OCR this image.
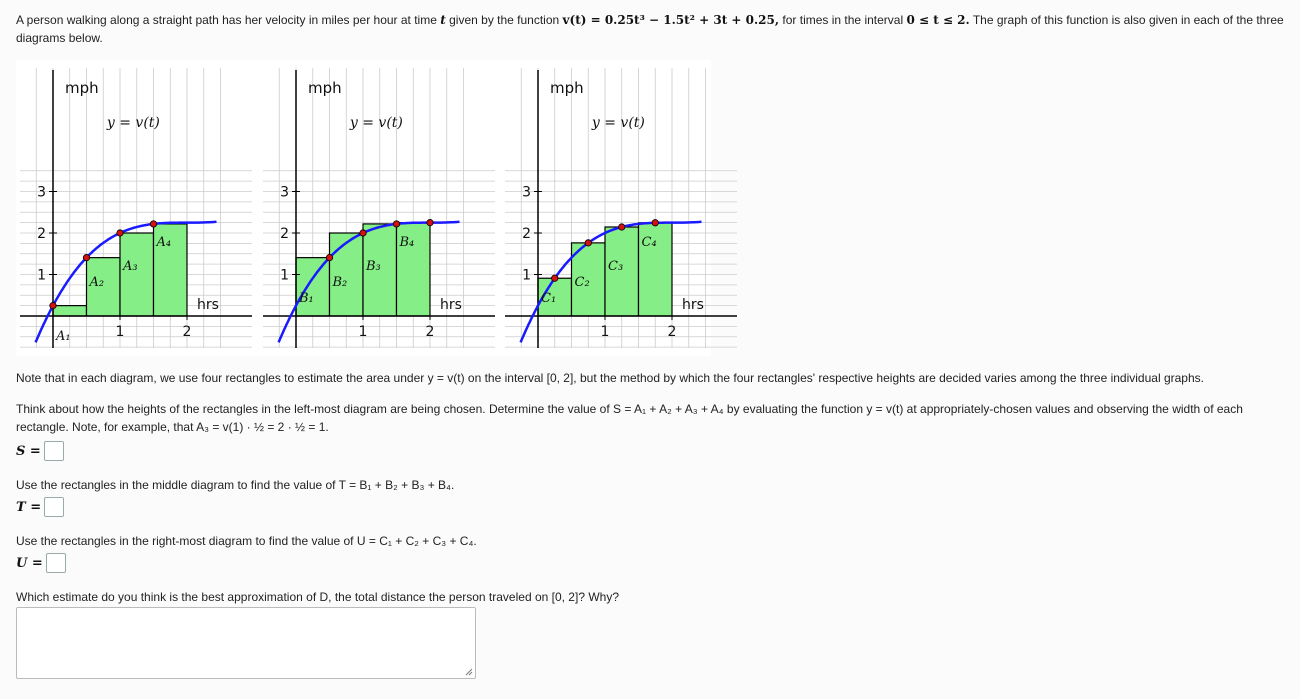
A person walking along a straight path has her velocity in miles per hour at time t given by the function v(t) = 0.25t³ − 1.5t² + 3t + 0.25, for times in the interval 0 ≤ t ≤ 2. The graph of this function is also given in each of the three diagrams below.

1
2
3
1	2
A₁
A₂
A₃
A₄
mph
hrs
y = v(t)
1
2
3
1	2
B₁
B₂
B₃
B₄
mph
hrs
y = v(t)
1
2
3
1	2
C₁
C₂
C₃
C₄
mph
hrs
y = v(t)

Note that in each diagram, we use four rectangles to estimate the area under y = v(t) on the interval [0, 2], but the method by which the four rectangles' respective heights are decided varies among the three individual graphs.

Think about how the heights of the rectangles in the left-most diagram are being chosen. Determine the value of S = A₁ + A₂ + A₃ + A₄ by evaluating the function y = v(t) at appropriately-chosen values and observing the width of each rectangle. Note, for example, that A₃ = v(1) · ½ = 2 · ½ = 1.

S =

Use the rectangles in the middle diagram to find the value of T = B₁ + B₂ + B₃ + B₄.

T =

Use the rectangles in the right-most diagram to find the value of U = C₁ + C₂ + C₃ + C₄.

U =

Which estimate do you think is the best approximation of D, the total distance the person traveled on [0, 2]? Why?
